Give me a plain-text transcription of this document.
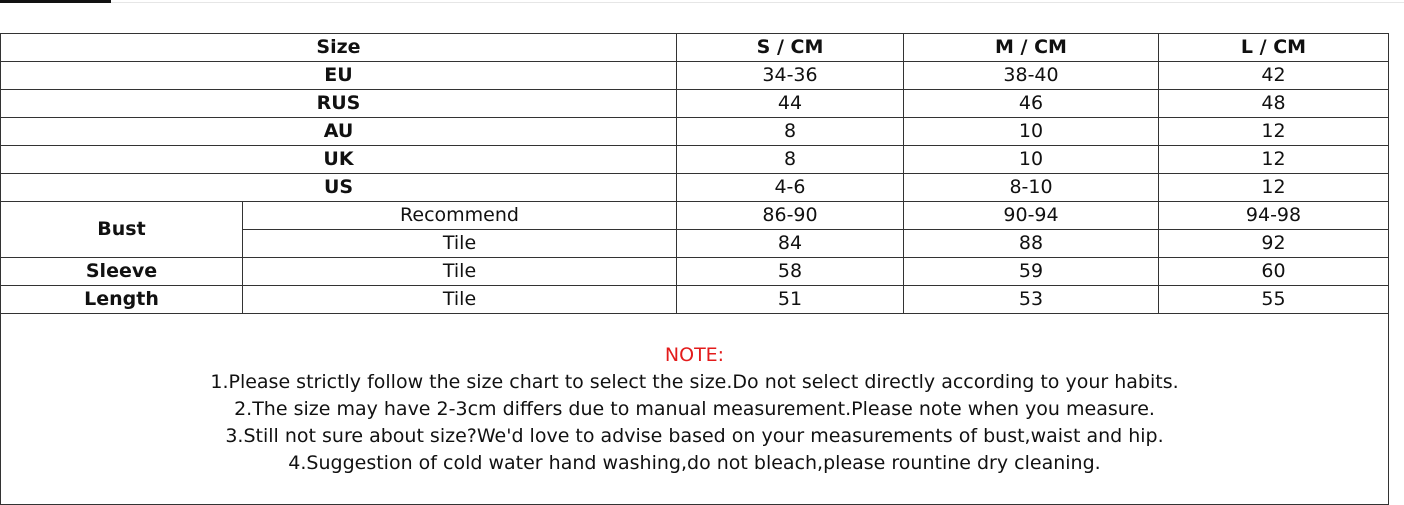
Size		S / CM	M / CM	L / CM
EU		34-36	38-40	42
RUS		44	46	48
AU		8	10	12
UK		8	10	12
US		4-6	8-10	12
Bust	Recommend	86-90	90-94	94-98
	Tile	84	88	92
Sleeve	Tile	58	59	60
Length	Tile	51	53	55

NOTE:
1.Please strictly follow the size chart to select the size.Do not select directly according to your habits.
2.The size may have 2-3cm differs due to manual measurement.Please note when you measure.
3.Still not sure about size?We'd love to advise based on your measurements of bust,waist and hip.
4.Suggestion of cold water hand washing,do not bleach,please rountine dry cleaning.				
